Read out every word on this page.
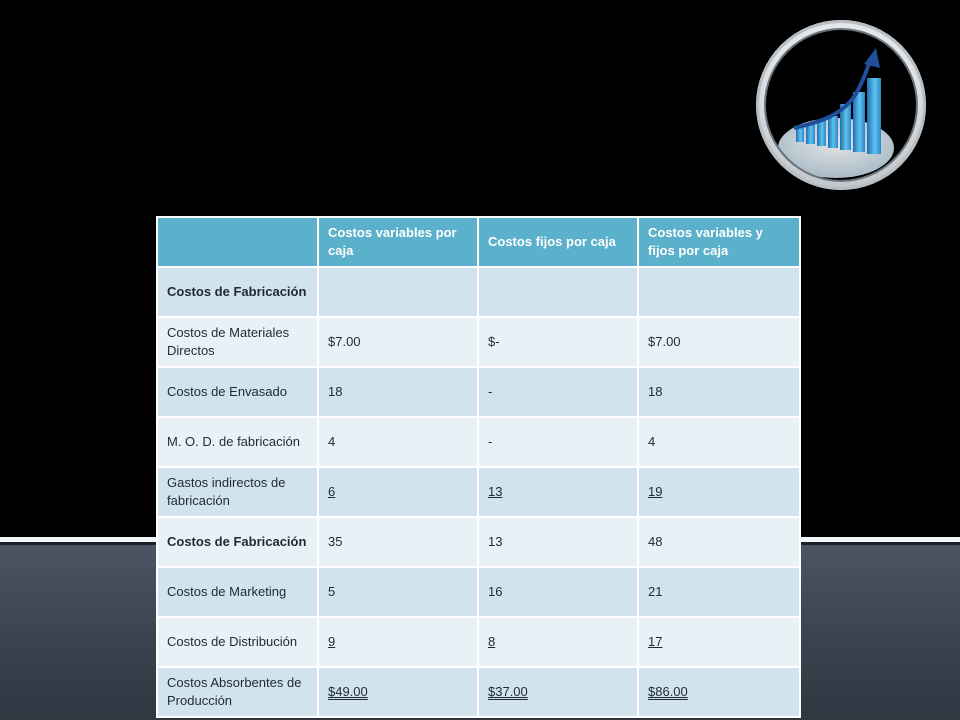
	Costos variables por caja	Costos fijos por caja	Costos variables y fijos por caja
Costos de Fabricación			
Costos de Materiales Directos	$7.00	$-	$7.00
Costos de Envasado	18	-	18
M. O. D. de fabricación	4	-	4
Gastos indirectos de fabricación	6	13	19
Costos de Fabricación	35	13	48
Costos de Marketing	5	16	21
Costos de Distribución	9	8	17
Costos Absorbentes de Producción	$49.00	$37.00	$86.00
